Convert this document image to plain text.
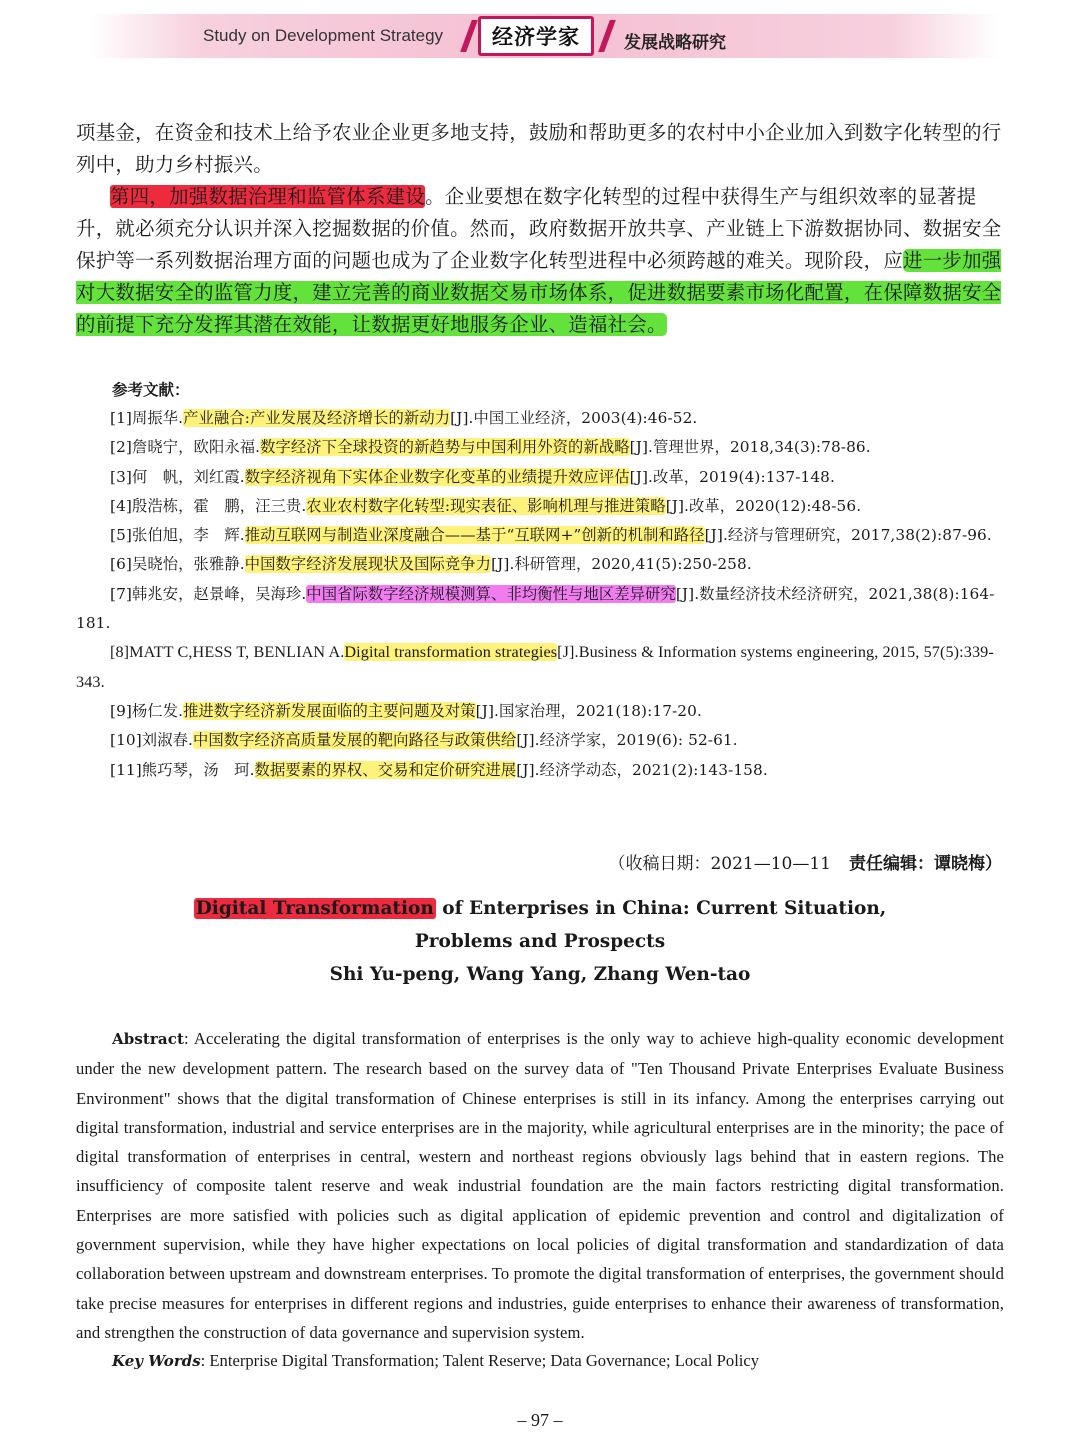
Study on Development Strategy	经济学家	发展战略研究
项基金，在资金和技术上给予农业企业更多地支持，鼓励和帮助更多的农村中小企业加入到数字化转型的行列中，助力乡村振兴。
第四，加强数据治理和监管体系建设。企业要想在数字化转型的过程中获得生产与组织效率的显著提升，就必须充分认识并深入挖掘数据的价值。然而，政府数据开放共享、产业链上下游数据协同、数据安全保护等一系列数据治理方面的问题也成为了企业数字化转型进程中必须跨越的难关。现阶段，应进一步加强对大数据安全的监管力度，建立完善的商业数据交易市场体系，促进数据要素市场化配置，在保障数据安全的前提下充分发挥其潜在效能，让数据更好地服务企业、造福社会。
参考文献：
[1]周振华.产业融合:产业发展及经济增长的新动力[J].中国工业经济，2003(4):46-52.
[2]詹晓宁，欧阳永福.数字经济下全球投资的新趋势与中国利用外资的新战略[J].管理世界，2018,34(3):78-86.
[3]何　帆，刘红霞.数字经济视角下实体企业数字化变革的业绩提升效应评估[J].改革，2019(4):137-148.
[4]殷浩栋，霍　鹏，汪三贵.农业农村数字化转型:现实表征、影响机理与推进策略[J].改革，2020(12):48-56.
[5]张伯旭，李　辉.推动互联网与制造业深度融合——基于“互联网+”创新的机制和路径[J].经济与管理研究，2017,38(2):87-96.
[6]吴晓怡，张雅静.中国数字经济发展现状及国际竞争力[J].科研管理，2020,41(5):250-258.
[7]韩兆安，赵景峰，吴海珍.中国省际数字经济规模测算、非均衡性与地区差异研究[J].数量经济技术经济研究，2021,38(8):164-181.
[8]MATT C,HESS T, BENLIAN A.Digital transformation strategies[J].Business & Information systems engineering, 2015, 57(5):339-343.
[9]杨仁发.推进数字经济新发展面临的主要问题及对策[J].国家治理，2021(18):17-20.
[10]刘淑春.中国数字经济高质量发展的靶向路径与政策供给[J].经济学家，2019(6): 52-61.
[11]熊巧琴，汤　珂.数据要素的界权、交易和定价研究进展[J].经济学动态，2021(2):143-158.
（收稿日期：2021—10—11 责任编辑：谭晓梅）
Digital Transformation of Enterprises in China: Current Situation,
Problems and Prospects
Shi Yu-peng, Wang Yang, Zhang Wen-tao
Abstract: Accelerating the digital transformation of enterprises is the only way to achieve high-quality economic development under the new development pattern. The research based on the survey data of "Ten Thousand Private Enterprises Evaluate Business Environment" shows that the digital transformation of Chinese enterprises is still in its infancy. Among the enterprises carrying out digital transformation, industrial and service enterprises are in the majority, while agricultural enterprises are in the minority; the pace of digital transformation of enterprises in central, western and northeast regions obviously lags behind that in eastern regions. The insufficiency of composite talent reserve and weak industrial foundation are the main factors restricting digital transformation. Enterprises are more satisfied with policies such as digital application of epidemic prevention and control and digitalization of government supervision, while they have higher expectations on local policies of digital transformation and standardization of data collaboration between upstream and downstream enterprises. To promote the digital transformation of enterprises, the government should take precise measures for enterprises in different regions and industries, guide enterprises to enhance their awareness of transformation, and strengthen the construction of data governance and supervision system.
Key Words: Enterprise Digital Transformation; Talent Reserve; Data Governance; Local Policy
– 97 –
